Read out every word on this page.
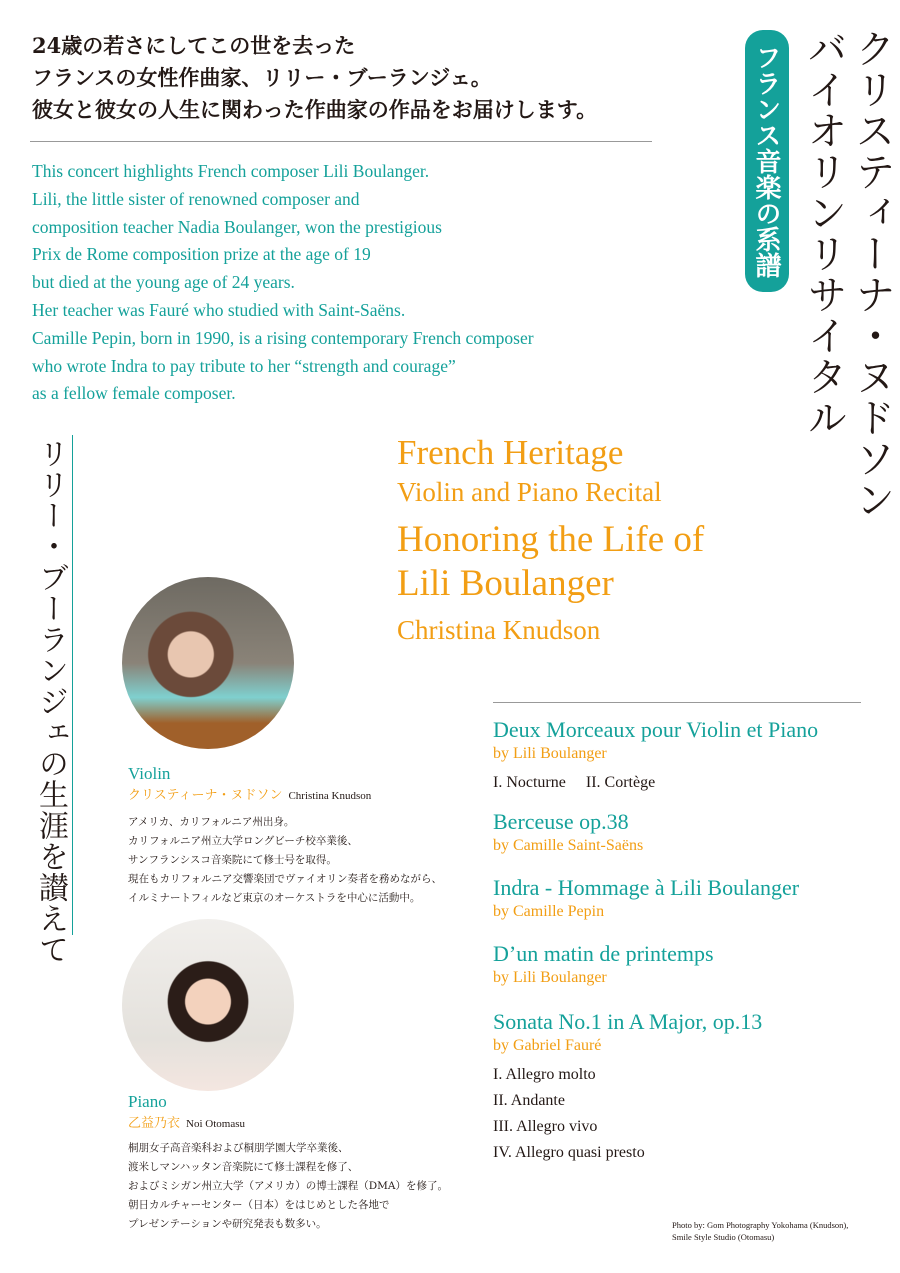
24歳の若さにしてこの世を去った
フランスの女性作曲家、リリー・ブーランジェ。
彼女と彼女の人生に関わった作曲家の作品をお届けします。
This concert highlights French composer Lili Boulanger.
Lili, the little sister of renowned composer and
composition teacher Nadia Boulanger, won the prestigious
Prix de Rome composition prize at the age of 19
but died at the young age of 24 years.
Her teacher was Fauré who studied with Saint-Saëns.
Camille Pepin, born in 1990, is a rising contemporary French composer
who wrote Indra to pay tribute to her “strength and courage”
as a fellow female composer.	クリスティーナ・ヌドソン
バイオリンリサイタル
フランス音楽の系譜
リリー・ブーランジェの生涯を讃えて	French Heritage
Violin and Piano Recital
Honoring the Life of
Lili Boulanger
Christina Knudson
Violin
クリスティーナ・ヌドソン Christina Knudson
アメリカ、カリフォルニア州出身。
カリフォルニア州立大学ロングビーチ校卒業後、
サンフランシスコ音楽院にて修士号を取得。
現在もカリフォルニア交響楽団でヴァイオリン奏者を務めながら、
イルミナートフィルなど東京のオーケストラを中心に活動中。
Piano
乙益乃衣 Noi Otomasu
桐朋女子高音楽科および桐朋学園大学卒業後、
渡米しマンハッタン音楽院にて修士課程を修了、
およびミシガン州立大学（アメリカ）の博士課程（DMA）を修了。
朝日カルチャーセンター（日本）をはじめとした各地で
プレゼンテーションや研究発表も数多い。
Deux Morceaux pour Violin et Piano
by Lili Boulanger
I. Nocturne　 II. Cortège
Berceuse op.38
by Camille Saint-Saëns
Indra - Hommage à Lili Boulanger
by Camille Pepin
D’un matin de printemps
by Lili Boulanger
Sonata No.1 in A Major, op.13
by Gabriel Fauré
I. Allegro molto
II. Andante
III. Allegro vivo
IV. Allegro quasi presto
Photo by: Gom Photography Yokohama (Knudson),
Smile Style Studio (Otomasu)
